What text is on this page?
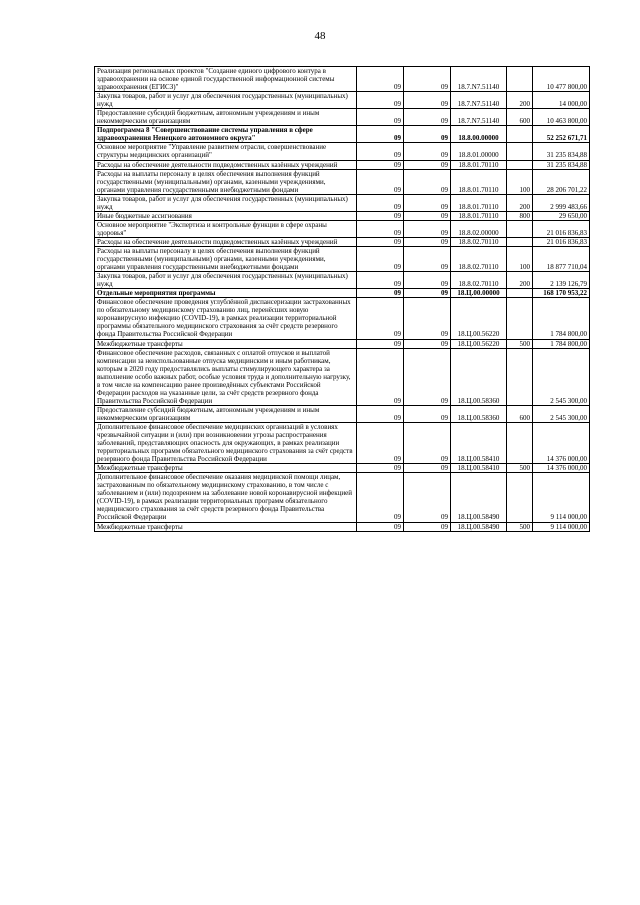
48
Реализация региональных проектов "Создание единого цифрового контура в здравоохранении на основе единой государственной информационной системы здравоохранения (ЕГИСЗ)"	09	09	18.7.N7.51140		10 477 800,00
Закупка товаров, работ и услуг для обеспечения государственных (муниципальных) нужд	09	09	18.7.N7.51140	200	14 000,00
Предоставление субсидий бюджетным, автономным учреждениям и иным некоммерческим организациям	09	09	18.7.N7.51140	600	10 463 800,00
Подпрограмма 8 "Совершенствование системы управления в сфере здравоохранения Ненецкого автономного округа"	09	09	18.8.00.00000		52 252 671,71
Основное мероприятие "Управление развитием отрасли, совершенствование структуры медицинских организаций"	09	09	18.8.01.00000		31 235 834,88
Расходы на обеспечение деятельности подведомственных казённых учреждений	09	09	18.8.01.70110		31 235 834,88
Расходы на выплаты персоналу в целях обеспечения выполнения функций государственными (муниципальными) органами, казенными учреждениями, органами управления государственными внебюджетными фондами	09	09	18.8.01.70110	100	28 206 701,22
Закупка товаров, работ и услуг для обеспечения государственных (муниципальных) нужд	09	09	18.8.01.70110	200	2 999 483,66
Иные бюджетные ассигнования	09	09	18.8.01.70110	800	29 650,00
Основное мероприятие "Экспертиза и контрольные функции в сфере охраны здоровья"	09	09	18.8.02.00000		21 016 836,83
Расходы на обеспечение деятельности подведомственных казённых учреждений	09	09	18.8.02.70110		21 016 836,83
Расходы на выплаты персоналу в целях обеспечения выполнения функций государственными (муниципальными) органами, казенными учреждениями, органами управления государственными внебюджетными фондами	09	09	18.8.02.70110	100	18 877 710,04
Закупка товаров, работ и услуг для обеспечения государственных (муниципальных) нужд	09	09	18.8.02.70110	200	2 139 126,79
Отдельные мероприятия программы	09	09	18.Ц.00.00000		168 170 953,22
Финансовое обеспечение проведения углублённой диспансеризации застрахованных по обязательному медицинскому страхованию лиц, перенёсших новую коронавирусную инфекцию (COVID-19), в рамках реализации территориальной программы обязательного медицинского страхования за счёт средств резервного фонда Правительства Российской Федерации	09	09	18.Ц.00.56220		1 784 800,00
Межбюджетные трансферты	09	09	18.Ц.00.56220	500	1 784 800,00
Финансовое обеспечение расходов, связанных с оплатой отпусков и выплатой компенсации за неиспользованные отпуска медицинским и иным работникам, которым в 2020 году предоставлялись выплаты стимулирующего характера за выполнение особо важных работ, особые условия труда и дополнительную нагрузку, в том числе на компенсацию ранее произведённых субъектами Российской Федерации расходов на указанные цели, за счёт средств резервного фонда Правительства Российской Федерации	09	09	18.Ц.00.58360		2 545 300,00
Предоставление субсидий бюджетным, автономным учреждениям и иным некоммерческим организациям	09	09	18.Ц.00.58360	600	2 545 300,00
Дополнительное финансовое обеспечение медицинских организаций в условиях чрезвычайной ситуации и (или) при возникновении угрозы распространения заболеваний, представляющих опасность для окружающих, в рамках реализации территориальных программ обязательного медицинского страхования за счёт средств резервного фонда Правительства Российской Федерации	09	09	18.Ц.00.58410		14 376 000,00
Межбюджетные трансферты	09	09	18.Ц.00.58410	500	14 376 000,00
Дополнительное финансовое обеспечение оказания медицинской помощи лицам, застрахованным по обязательному медицинскому страхованию, в том числе с заболеванием и (или) подозрением на заболевание новой коронавирусной инфекцией (COVID-19), в рамках реализации территориальных программ обязательного медицинского страхования за счёт средств резервного фонда Правительства Российской Федерации	09	09	18.Ц.00.58490		9 114 000,00
Межбюджетные трансферты	09	09	18.Ц.00.58490	500	9 114 000,00
